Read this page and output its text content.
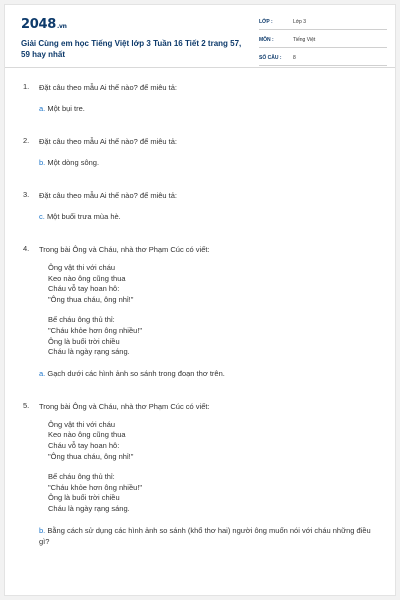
2048.vn
Giải Cùng em học Tiếng Việt lớp 3 Tuần 16 Tiết 2 trang 57, 59 hay nhất
LỚP :	Lớp 3
MÔN :	Tiếng Việt
SỐ CÂU :	8
1. Đặt câu theo mẫu Ai thế nào? để miêu tả:
a. Một bụi tre.
2. Đặt câu theo mẫu Ai thế nào? để miêu tả:
b. Một dòng sông.
3. Đặt câu theo mẫu Ai thế nào? để miêu tả:
c. Một buổi trưa mùa hè.
4. Trong bài Ông và Cháu, nhà thơ Phạm Cúc có viết:
Ông vật thi với cháu
Keo nào ông cũng thua
Cháu vỗ tay hoan hô:
"Ông thua cháu, ông nhỉ!"
Bế cháu ông thủ thỉ:
"Cháu khỏe hơn ông nhiều!"
Ông là buổi trời chiều
Cháu là ngày rạng sáng.
a. Gạch dưới các hình ảnh so sánh trong đoạn thơ trên.
5. Trong bài Ông và Cháu, nhà thơ Phạm Cúc có viết:
Ông vật thi với cháu
Keo nào ông cũng thua
Cháu vỗ tay hoan hô:
"Ông thua cháu, ông nhỉ!"
Bế cháu ông thủ thỉ:
"Cháu khỏe hơn ông nhiều!"
Ông là buổi trời chiều
Cháu là ngày rạng sáng.
b. Bằng cách sử dụng các hình ảnh so sánh (khổ thơ hai) người ông muốn nói với cháu những điều gì?
